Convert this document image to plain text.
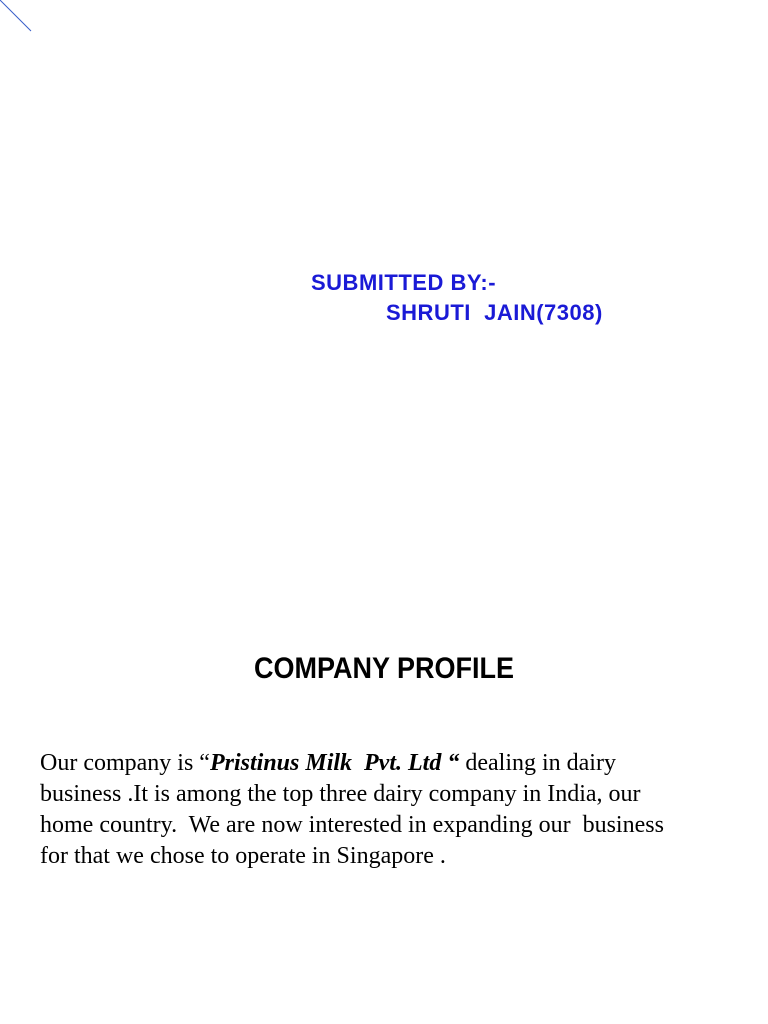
SUBMITTED BY:-
SHRUTI  JAIN(7308)
COMPANY PROFILE
Our company is “Pristinus Milk  Pvt. Ltd “ dealing in dairy
business .It is among the top three dairy company in India, our
home country.  We are now interested in expanding our  business
for that we chose to operate in Singapore .
